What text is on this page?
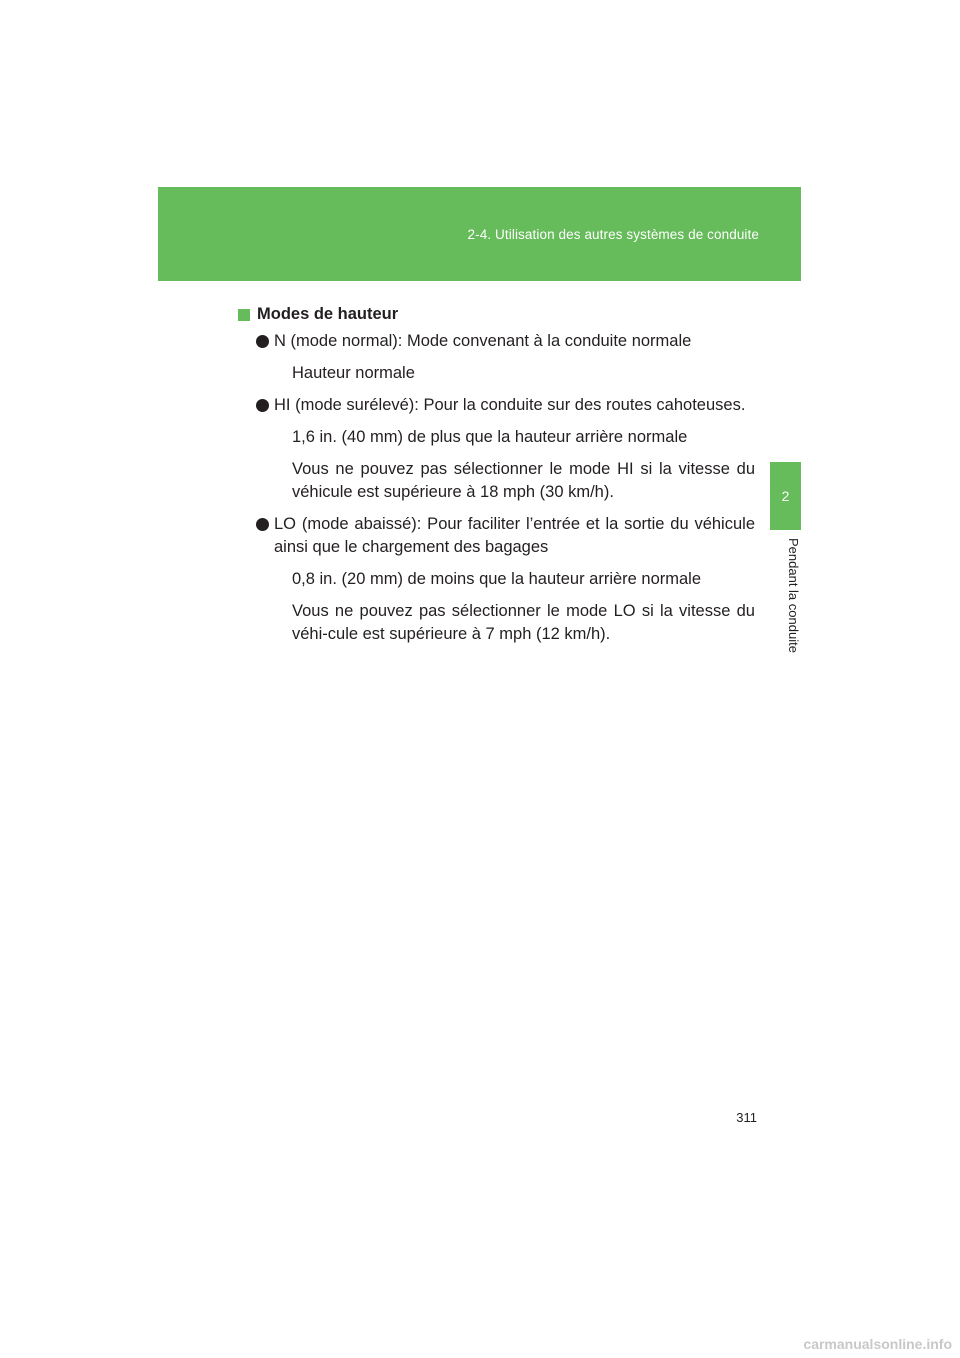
2-4. Utilisation des autres systèmes de conduite
2
Pendant la conduite
Modes de hauteur
N (mode normal): Mode convenant à la conduite normale
Hauteur normale
HI (mode surélevé): Pour la conduite sur des routes cahoteuses.
1,6 in. (40 mm) de plus que la hauteur arrière normale
Vous ne pouvez pas sélectionner le mode HI si la vitesse du véhicule est supérieure à 18 mph (30 km/h).
LO (mode abaissé): Pour faciliter l’entrée et la sortie du véhicule ainsi que le chargement des bagages
0,8 in. (20 mm) de moins que la hauteur arrière normale
Vous ne pouvez pas sélectionner le mode LO si la vitesse du véhi-cule est supérieure à 7 mph (12 km/h).
311
carmanualsonline.info
